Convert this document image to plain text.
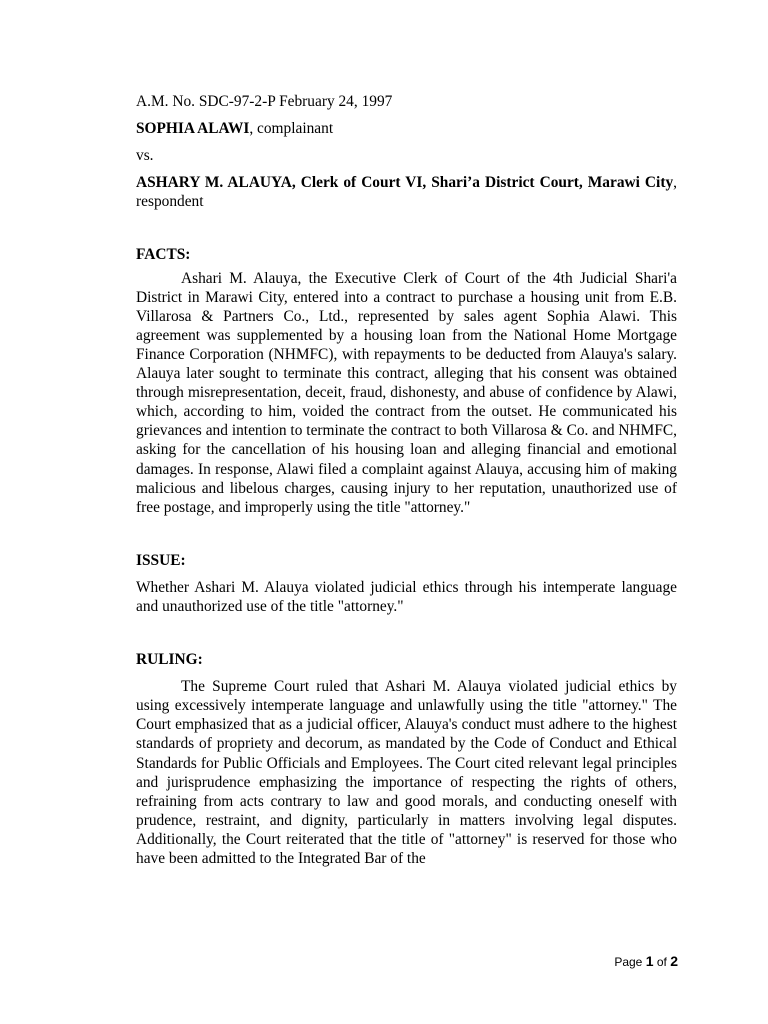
A.M. No. SDC-97-2-P February 24, 1997

SOPHIA ALAWI, complainant

vs.

ASHARY M. ALAUYA, Clerk of Court VI, Shari’a District Court, Marawi City, respondent

FACTS:

Ashari M. Alauya, the Executive Clerk of Court of the 4th Judicial Shari'a District in Marawi City, entered into a contract to purchase a housing unit from E.B. Villarosa & Partners Co., Ltd., represented by sales agent Sophia Alawi. This agreement was supplemented by a housing loan from the National Home Mortgage Finance Corporation (NHMFC), with repayments to be deducted from Alauya's salary. Alauya later sought to terminate this contract, alleging that his consent was obtained through misrepresentation, deceit, fraud, dishonesty, and abuse of confidence by Alawi, which, according to him, voided the contract from the outset. He communicated his grievances and intention to terminate the contract to both Villarosa & Co. and NHMFC, asking for the cancellation of his housing loan and alleging financial and emotional damages. In response, Alawi filed a complaint against Alauya, accusing him of making malicious and libelous charges, causing injury to her reputation, unauthorized use of free postage, and improperly using the title "attorney."

ISSUE:

Whether Ashari M. Alauya violated judicial ethics through his intemperate language and unauthorized use of the title "attorney."

RULING:

The Supreme Court ruled that Ashari M. Alauya violated judicial ethics by using excessively intemperate language and unlawfully using the title "attorney." The Court emphasized that as a judicial officer, Alauya's conduct must adhere to the highest standards of propriety and decorum, as mandated by the Code of Conduct and Ethical Standards for Public Officials and Employees. The Court cited relevant legal principles and jurisprudence emphasizing the importance of respecting the rights of others, refraining from acts contrary to law and good morals, and conducting oneself with prudence, restraint, and dignity, particularly in matters involving legal disputes. Additionally, the Court reiterated that the title of "attorney" is reserved for those who have been admitted to the Integrated Bar of the

Page 1 of 2
